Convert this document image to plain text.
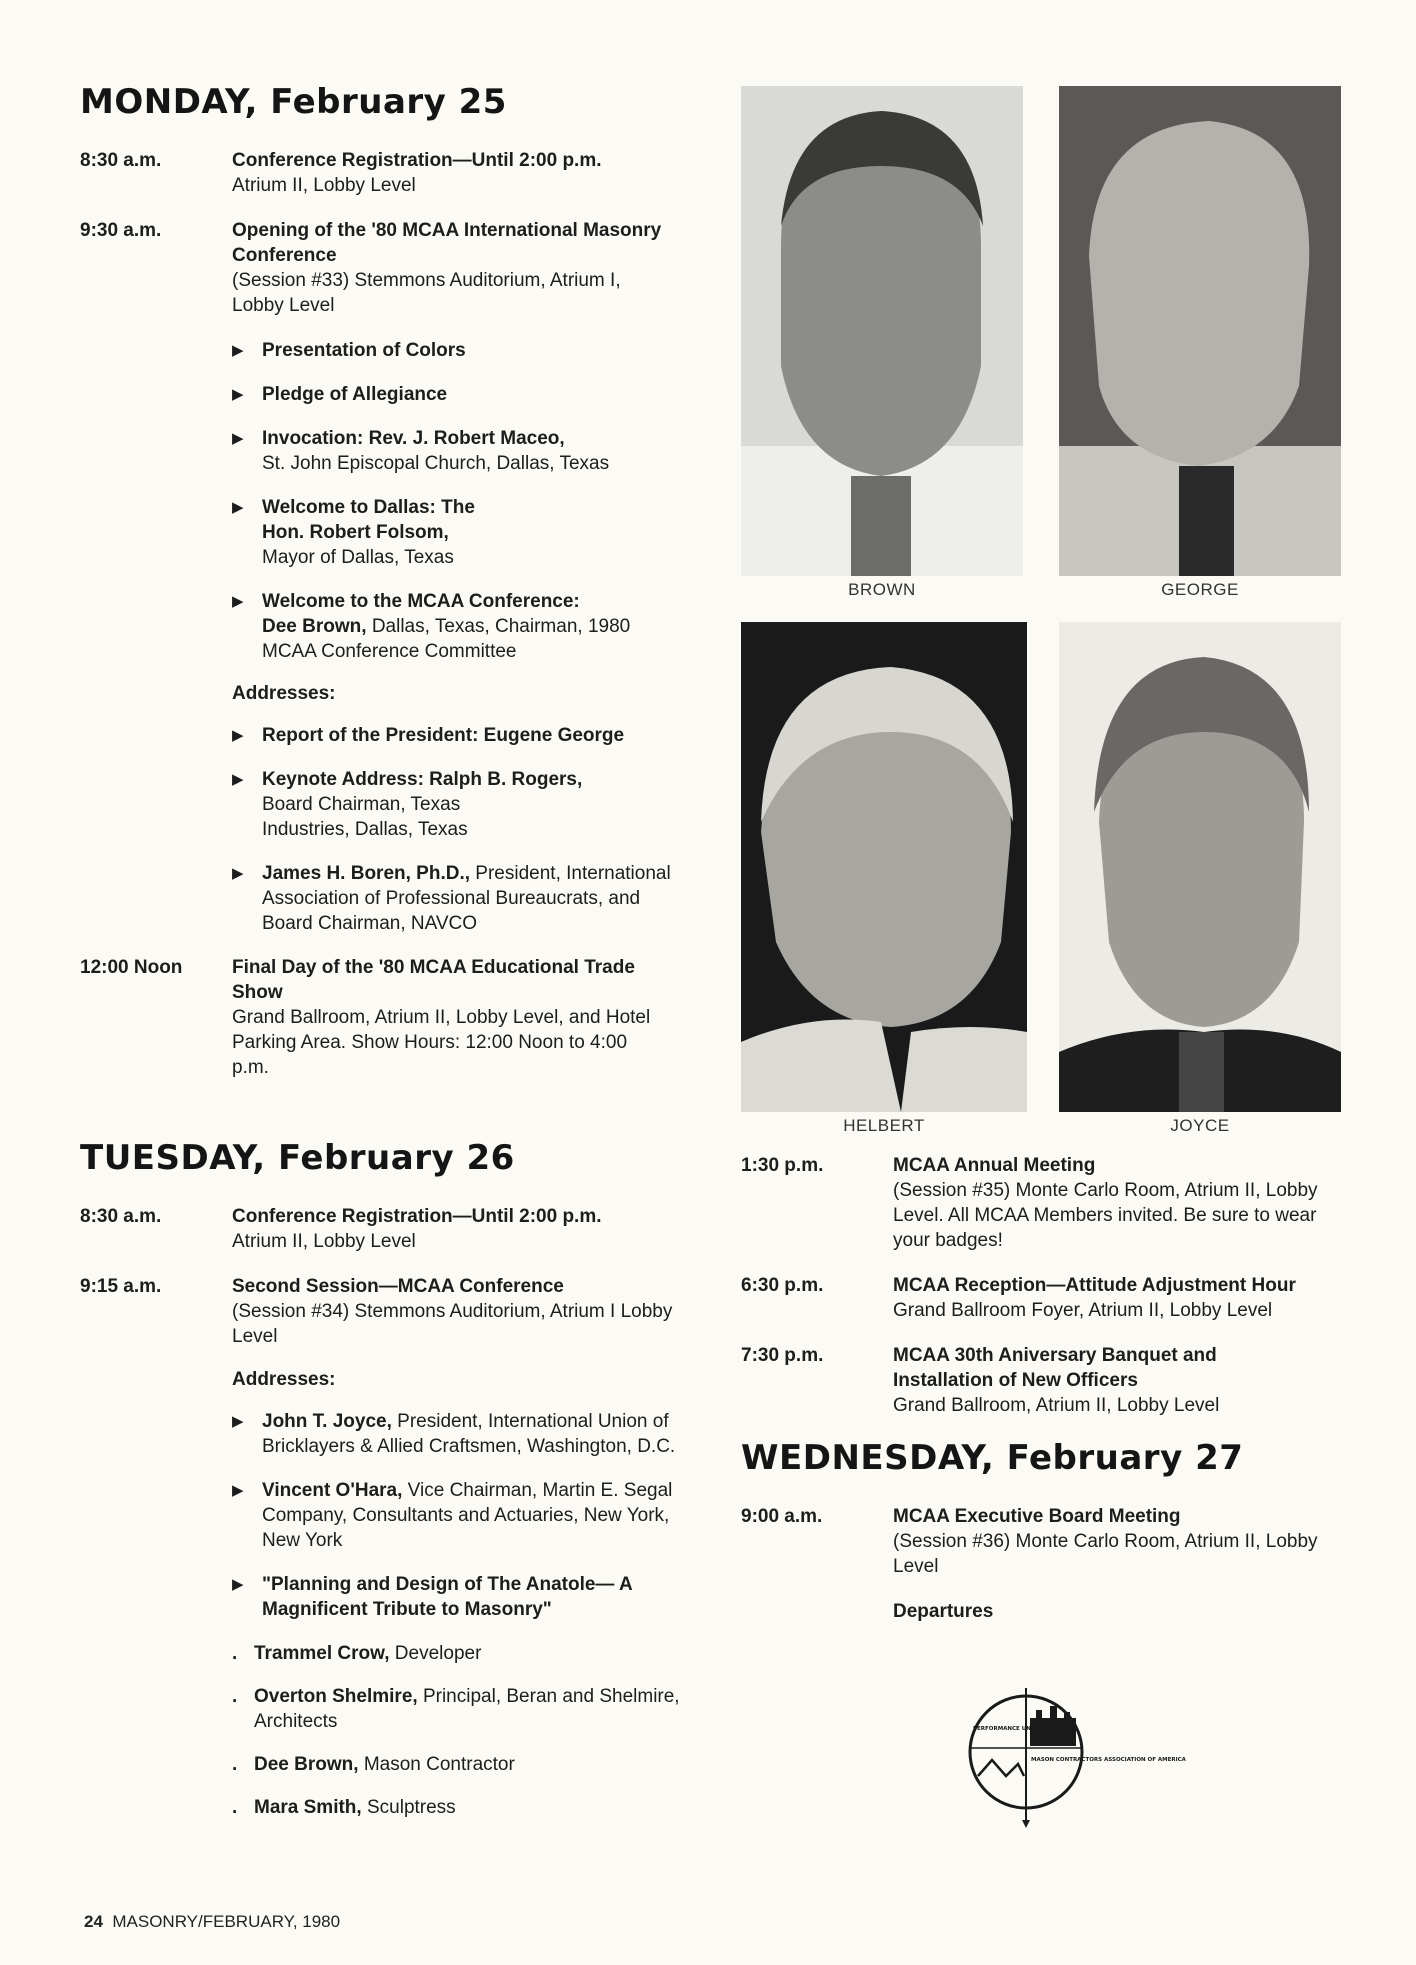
MONDAY, February 25
8:30 a.m.	Conference Registration—Until 2:00 p.m.
Atrium II, Lobby Level
9:30 a.m.	Opening of the '80 MCAA International Masonry Conference
(Session #33) Stemmons Auditorium, Atrium I, Lobby Level
▶ Presentation of Colors
▶ Pledge of Allegiance
▶ Invocation: Rev. J. Robert Maceo,
St. John Episcopal Church, Dallas, Texas
▶ Welcome to Dallas: The Hon. Robert Folsom,
Mayor of Dallas, Texas
▶ Welcome to the MCAA Conference:
Dee Brown, Dallas, Texas, Chairman, 1980 MCAA Conference Committee
Addresses:
▶ Report of the President: Eugene George
▶ Keynote Address: Ralph B. Rogers,
Board Chairman, Texas Industries, Dallas, Texas
▶ James H. Boren, Ph.D., President, International Association of Professional Bureaucrats, and Board Chairman, NAVCO
12:00 Noon	Final Day of the '80 MCAA Educational Trade Show
Grand Ballroom, Atrium II, Lobby Level, and Hotel Parking Area. Show Hours: 12:00 Noon to 4:00 p.m.
TUESDAY, February 26
8:30 a.m.	Conference Registration—Until 2:00 p.m.
Atrium II, Lobby Level
9:15 a.m.	Second Session—MCAA Conference
(Session #34) Stemmons Auditorium, Atrium I Lobby Level
Addresses:
▶ John T. Joyce, President, International Union of Bricklayers & Allied Craftsmen, Washington, D.C.
▶ Vincent O'Hara, Vice Chairman, Martin E. Segal Company, Consultants and Actuaries, New York, New York
▶ "Planning and Design of The Anatole— A Magnificent Tribute to Masonry"
. Trammel Crow, Developer
. Overton Shelmire, Principal, Beran and Shelmire, Architects
. Dee Brown, Mason Contractor
. Mara Smith, Sculptress
BROWN	GEORGE
HELBERT	JOYCE
1:30 p.m.	MCAA Annual Meeting
(Session #35) Monte Carlo Room, Atrium II, Lobby Level. All MCAA Members invited. Be sure to wear your badges!
6:30 p.m.	MCAA Reception—Attitude Adjustment Hour
Grand Ballroom Foyer, Atrium II, Lobby Level
7:30 p.m.	MCAA 30th Aniversary Banquet and Installation of New Officers
Grand Ballroom, Atrium II, Lobby Level
WEDNESDAY, February 27
9:00 a.m.	MCAA Executive Board Meeting
(Session #36) Monte Carlo Room, Atrium II, Lobby Level
Departures
PERFORMANCE UNEQUALED
MASON CONTRACTORS ASSOCIATION OF AMERICA
24 MASONRY/FEBRUARY, 1980
